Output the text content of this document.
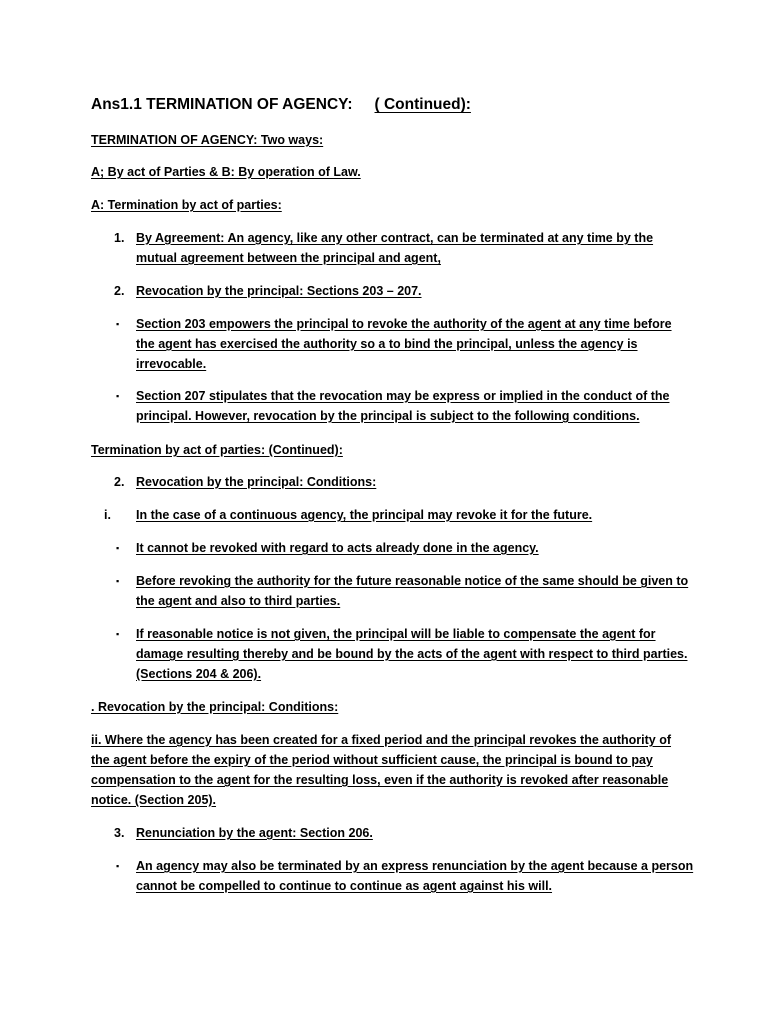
Ans1.1 TERMINATION OF AGENCY: ( Continued):
TERMINATION OF AGENCY: Two ways:
A; By act of Parties & B: By operation of Law.
A: Termination by act of parties:
1. By Agreement: An agency, like any other contract, can be terminated at any time by the
mutual agreement between the principal and agent,
2. Revocation by the principal: Sections 203 – 207.
▪ Section 203 empowers the principal to revoke the authority of the agent at any time before
the agent has exercised the authority so a to bind the principal, unless the agency is
irrevocable.
▪ Section 207 stipulates that the revocation may be express or implied in the conduct of the
principal. However, revocation by the principal is subject to the following conditions.
Termination by act of parties: (Continued):
2. Revocation by the principal: Conditions:
i. In the case of a continuous agency, the principal may revoke it for the future.
▪ It cannot be revoked with regard to acts already done in the agency.
▪ Before revoking the authority for the future reasonable notice of the same should be given to
the agent and also to third parties.
▪ If reasonable notice is not given, the principal will be liable to compensate the agent for
damage resulting thereby and be bound by the acts of the agent with respect to third parties.
(Sections 204 & 206).
. Revocation by the principal: Conditions:
ii. Where the agency has been created for a fixed period and the principal revokes the authority of
the agent before the expiry of the period without sufficient cause, the principal is bound to pay
compensation to the agent for the resulting loss, even if the authority is revoked after reasonable
notice. (Section 205).
3. Renunciation by the agent: Section 206.
▪ An agency may also be terminated by an express renunciation by the agent because a person
cannot be compelled to continue to continue as agent against his will.
